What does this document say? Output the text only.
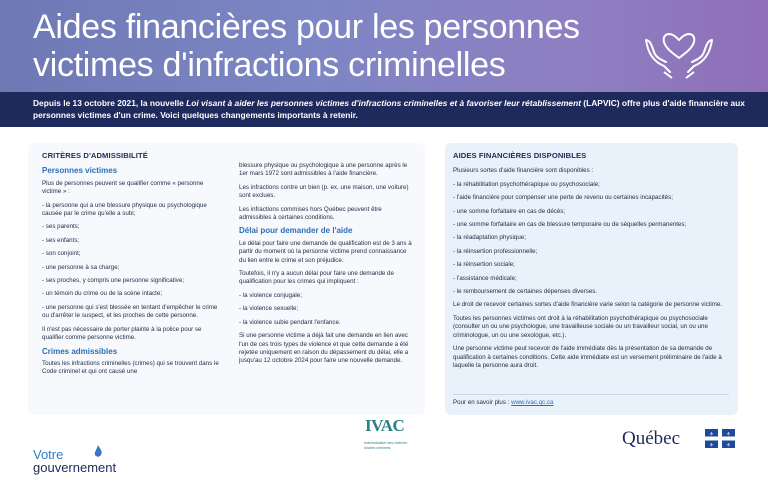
Aides financières pour les personnes
victimes d'infractions criminelles
Depuis le 13 octobre 2021, la nouvelle Loi visant à aider les personnes victimes d'infractions criminelles et à favoriser leur rétablissement (LAPVIC) offre plus d'aide financière aux personnes victimes d'un crime. Voici quelques changements importants à retenir.
CRITÈRES D'ADMISSIBILITÉ
Personnes victimes

Plus de personnes peuvent se qualifier comme « personne victime » :

- la personne qui a une blessure physique ou psychologique causée par le crime qu'elle a subi;
- ses parents;
- ses enfants;
- son conjoint;
- une personne à sa charge;
- ses proches, y compris une personne significative;
- un témoin du crime ou de la scène intacte;
- une personne qui s'est blessée en tentant d'empêcher le crime ou d'arrêter le suspect, et les proches de cette personne.

Il n'est pas nécessaire de porter plainte à la police pour se qualifier comme personne victime.

Crimes admissibles

Toutes les infractions criminelles (crimes) qui se trouvent dans le Code criminel et qui ont causé une

blessure physique ou psychologique à une personne après le 1er mars 1972 sont admissibles à l'aide financière.

Les infractions contre un bien (p. ex. une maison, une voiture) sont exclues.

Les infractions commises hors Québec peuvent être admissibles à certaines conditions.

Délai pour demander de l'aide

Le délai pour faire une demande de qualification est de 3 ans à partir du moment où la personne victime prend connaissance du lien entre le crime et son préjudice.

Toutefois, il n'y a aucun délai pour faire une demande de qualification pour les crimes qui impliquent :

- la violence conjugale;
- la violence sexuelle;
- la violence subie pendant l'enfance.

Si une personne victime a déjà fait une demande en lien avec l'un de ces trois types de violence et que cette demande a été rejetée uniquement en raison du dépassement du délai, elle a jusqu'au 12 octobre 2024 pour faire une nouvelle demande.

AIDES FINANCIÈRES DISPONIBLES

Plusieurs sortes d'aide financière sont disponibles :

- la réhabilitation psychothérapique ou psychosociale;
- l'aide financière pour compenser une perte de revenu ou certaines incapacités;
- une somme forfaitaire en cas de décès;
- une somme forfaitaire en cas de blessure temporaire ou de séquelles permanentes;
- la réadaptation physique;
- la réinsertion professionnelle;
- la réinsertion sociale;
- l'assistance médicale;
- le remboursement de certaines dépenses diverses.

Le droit de recevoir certaines sortes d'aide financière varie selon la catégorie de personne victime.

Toutes les personnes victimes ont droit à la réhabilitation psychothérapique ou psychosociale (consulter un ou une psychologue, une travailleuse sociale ou un travailleur social, un ou une criminologue, un ou une sexologue, etc.).

Une personne victime peut recevoir de l'aide immédiate dès la présentation de sa demande de qualification à certaines conditions. Cette aide immédiate est un versement préliminaire de l'aide à laquelle la personne aura droit.

Pour en savoir plus : www.ivac.qc.ca
Votre
gouvernement
IVAC
Indemnisation des victimes d'actes criminels	Québec	⚜	⚜
⚜	⚜
